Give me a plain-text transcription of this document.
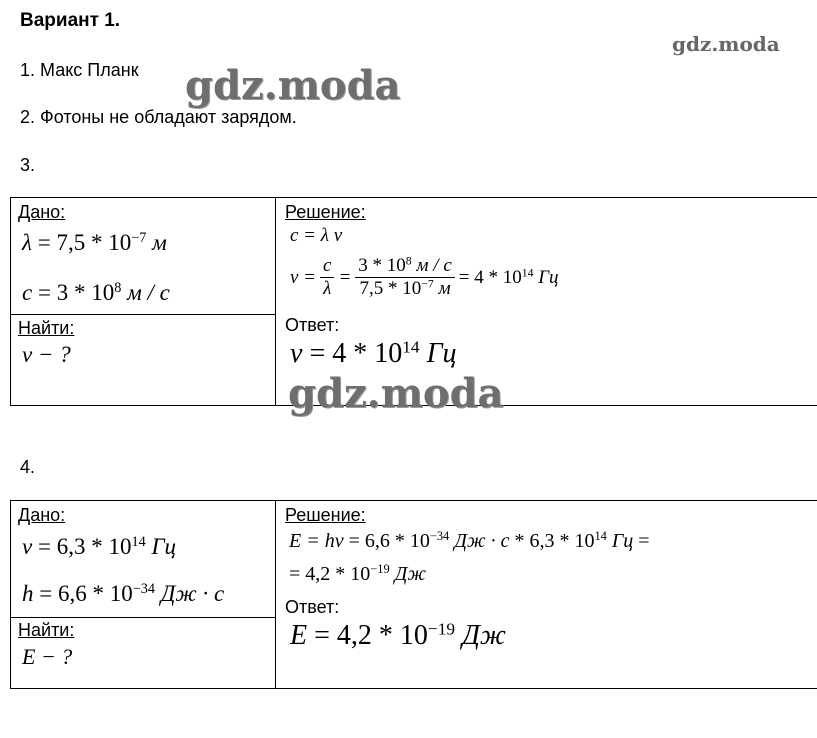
Вариант 1.
1. Макс Планк
2. Фотоны не обладают зарядом.
3.
Дано:
$\lambda = 7,5 * 10^{-7}$ м
$c = 3 * 10^8$ м / с
Найти:
ν − ?
Решение:
c = λ ν
$\nu = \frac{c}{\lambda} = \frac{3 * 10^8 м / с}{7,5 * 10^{-7} м} = 4 * 10^{14}$ Гц
Ответ:
$\nu = 4 * 10^{14}$ Гц
4.
Дано:
$\nu = 6,3 * 10^{14}$ Гц
$h = 6,6 * 10^{-34}$ Дж · с
Найти:
E − ?
Решение:
$E = h\nu = 6,6 * 10^{-34}$ Дж · с * $6,3 * 10^{14}$ Гц =
= $4,2 * 10^{-19}$ Дж
Ответ:
$E = 4,2 * 10^{-19}$ Дж
gdz.moda
gdz.moda
gdz.moda
